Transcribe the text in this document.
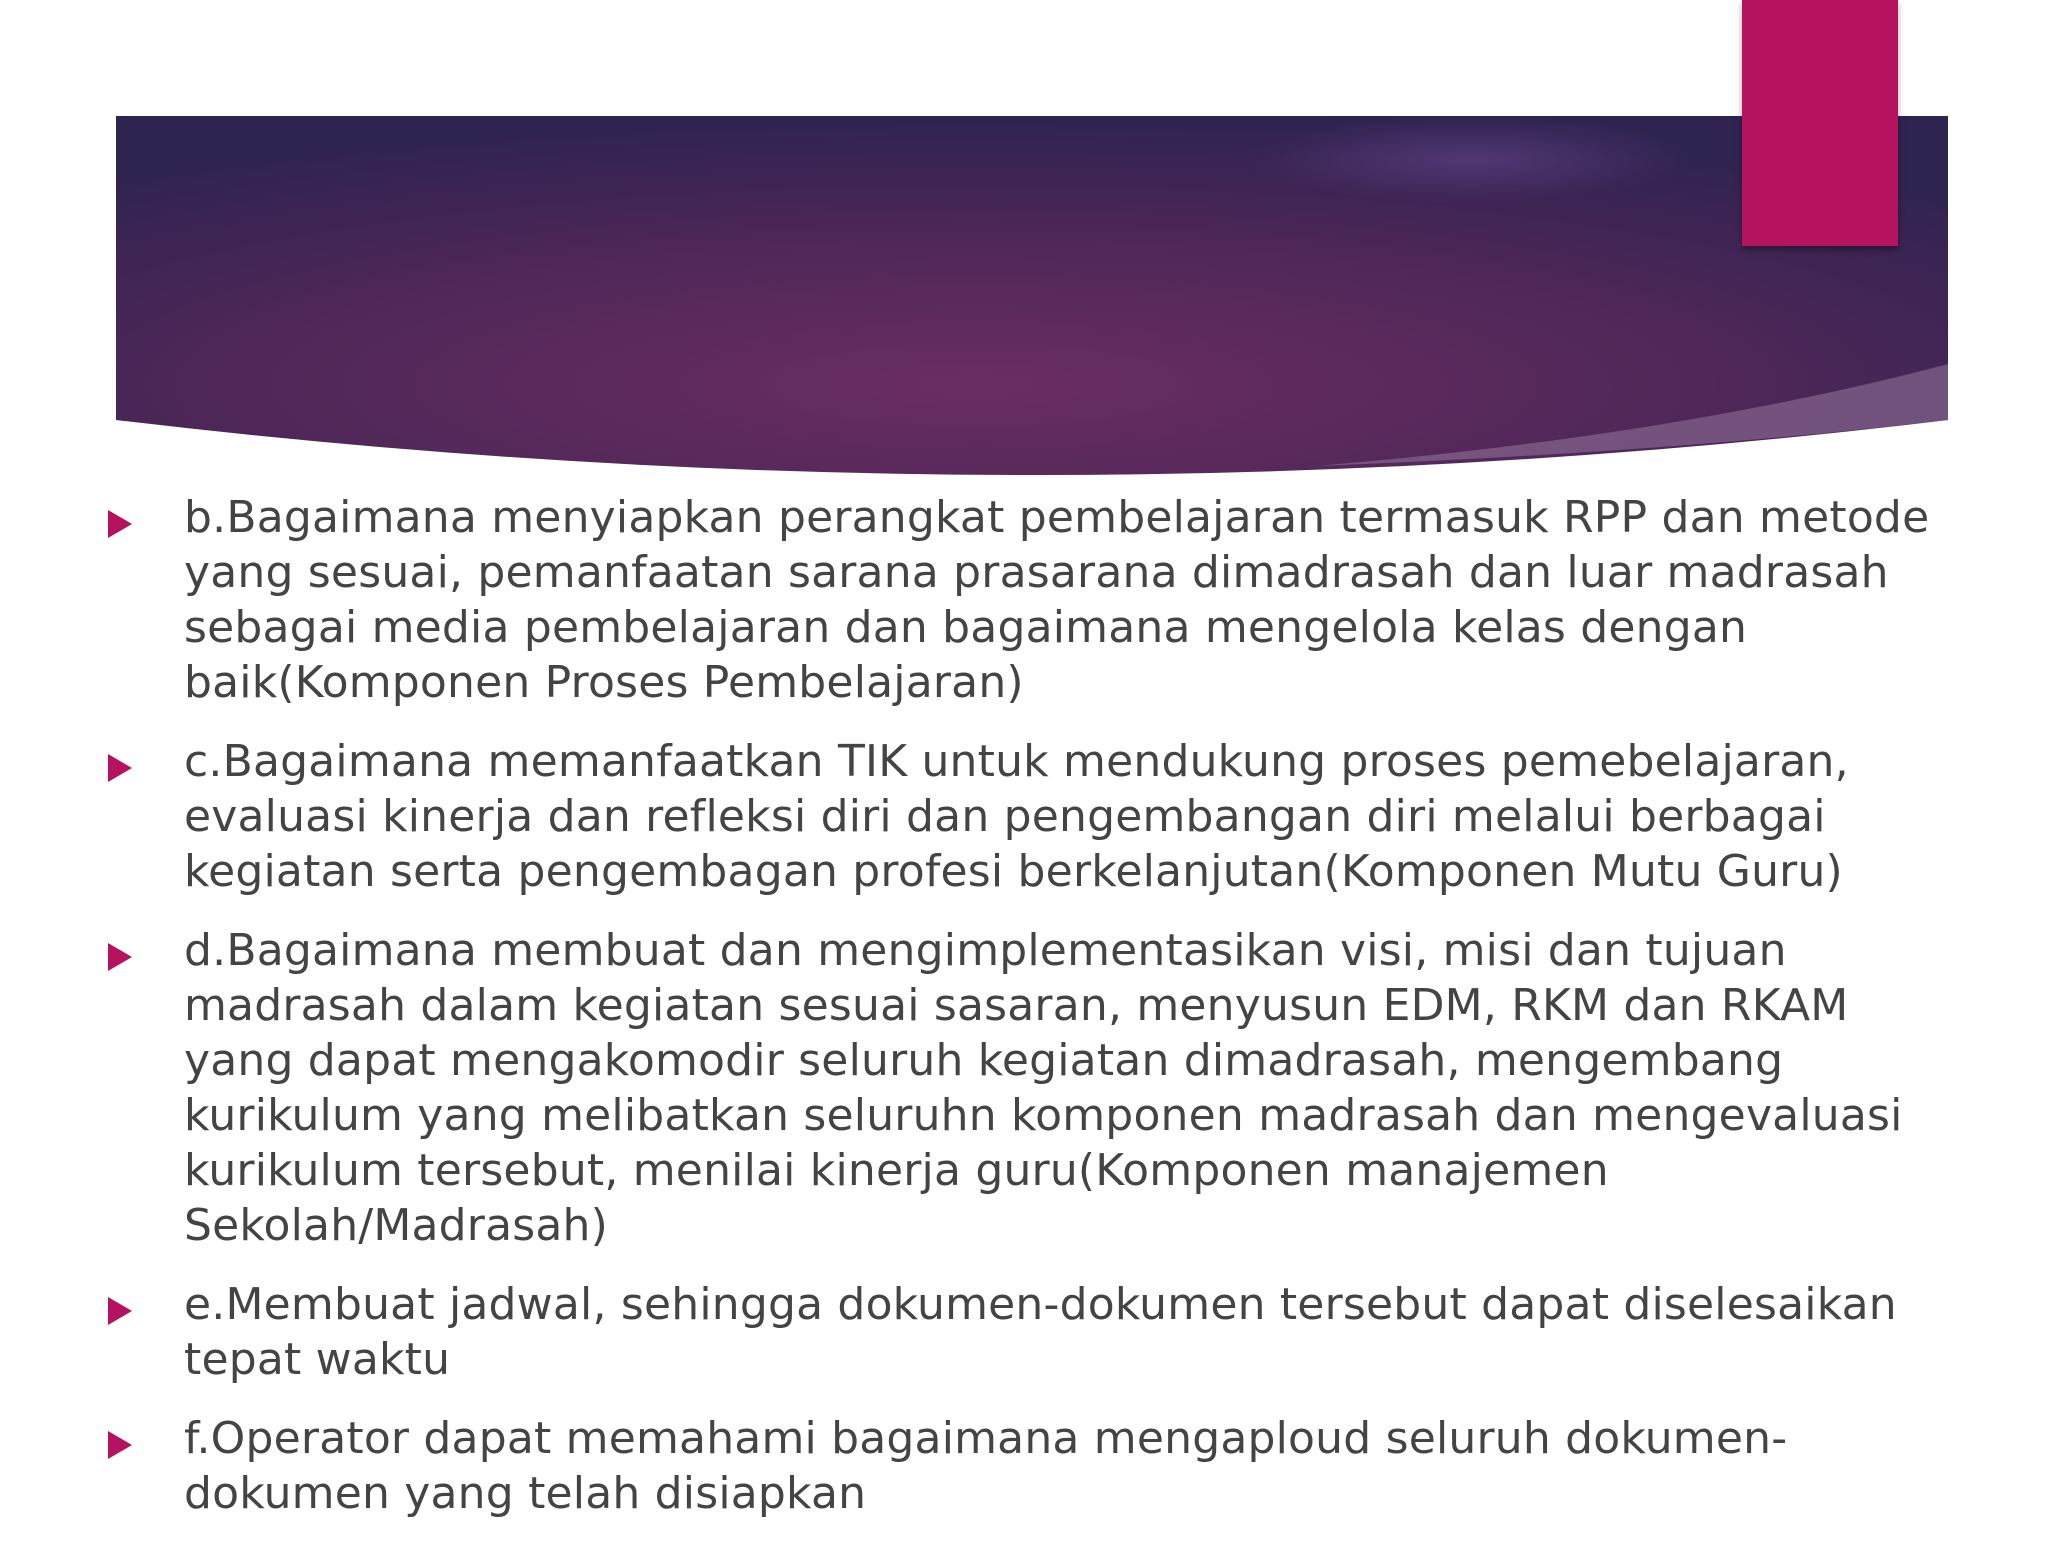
b.Bagaimana menyiapkan perangkat pembelajaran termasuk RPP dan metode yang sesuai, pemanfaatan sarana prasarana dimadrasah dan luar madrasah sebagai media pembelajaran dan bagaimana mengelola kelas dengan baik(Komponen Proses Pembelajaran)
c.Bagaimana memanfaatkan TIK untuk mendukung proses pemebelajaran, evaluasi kinerja dan refleksi diri dan pengembangan diri melalui berbagai kegiatan serta pengembagan profesi berkelanjutan(Komponen Mutu Guru)
d.Bagaimana membuat dan mengimplementasikan visi, misi dan tujuan madrasah dalam kegiatan sesuai sasaran, menyusun EDM, RKM dan RKAM yang dapat mengakomodir seluruh kegiatan dimadrasah, mengembang kurikulum yang melibatkan seluruhn komponen madrasah dan mengevaluasi kurikulum tersebut, menilai kinerja guru(Komponen manajemen Sekolah/Madrasah)
e.Membuat jadwal, sehingga dokumen-dokumen tersebut dapat diselesaikan tepat waktu
f.Operator dapat memahami bagaimana mengaploud seluruh dokumen-dokumen yang telah disiapkan
